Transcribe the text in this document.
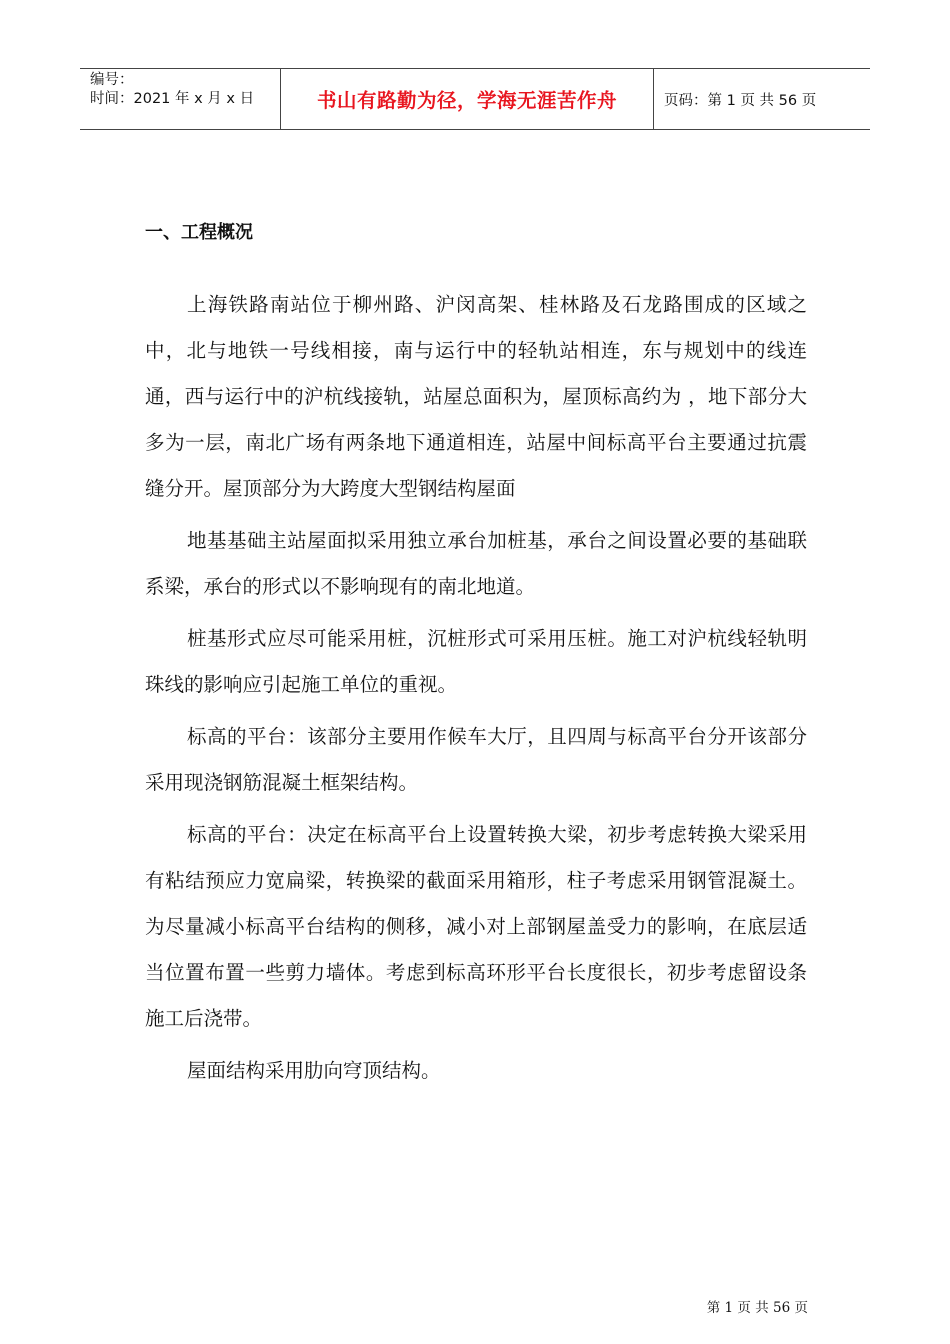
编号：
时间：2021 年 x 月 x 日	书山有路勤为径，学海无涯苦作舟	页码：第 1 页 共 56 页
一、工程概况

上海铁路南站位于柳州路、沪闵高架、桂林路及石龙路围成的区域之中，北与地铁一号线相接，南与运行中的轻轨站相连，东与规划中的线连通，西与运行中的沪杭线接轨，站屋总面积为，屋顶标高约为 ，地下部分大多为一层，南北广场有两条地下通道相连，站屋中间标高平台主要通过抗震缝分开。屋顶部分为大跨度大型钢结构屋面

地基基础主站屋面拟采用独立承台加桩基，承台之间设置必要的基础联系梁，承台的形式以不影响现有的南北地道。

桩基形式应尽可能采用桩，沉桩形式可采用压桩。施工对沪杭线轻轨明珠线的影响应引起施工单位的重视。

标高的平台：该部分主要用作候车大厅，且四周与标高平台分开该部分采用现浇钢筋混凝土框架结构。

标高的平台：决定在标高平台上设置转换大梁，初步考虑转换大梁采用有粘结预应力宽扁梁，转换梁的截面采用箱形，柱子考虑采用钢管混凝土。为尽量减小标高平台结构的侧移，减小对上部钢屋盖受力的影响，在底层适当位置布置一些剪力墙体。考虑到标高环形平台长度很长，初步考虑留设条施工后浇带。

屋面结构采用肋向穹顶结构。

第 1 页 共 56 页
